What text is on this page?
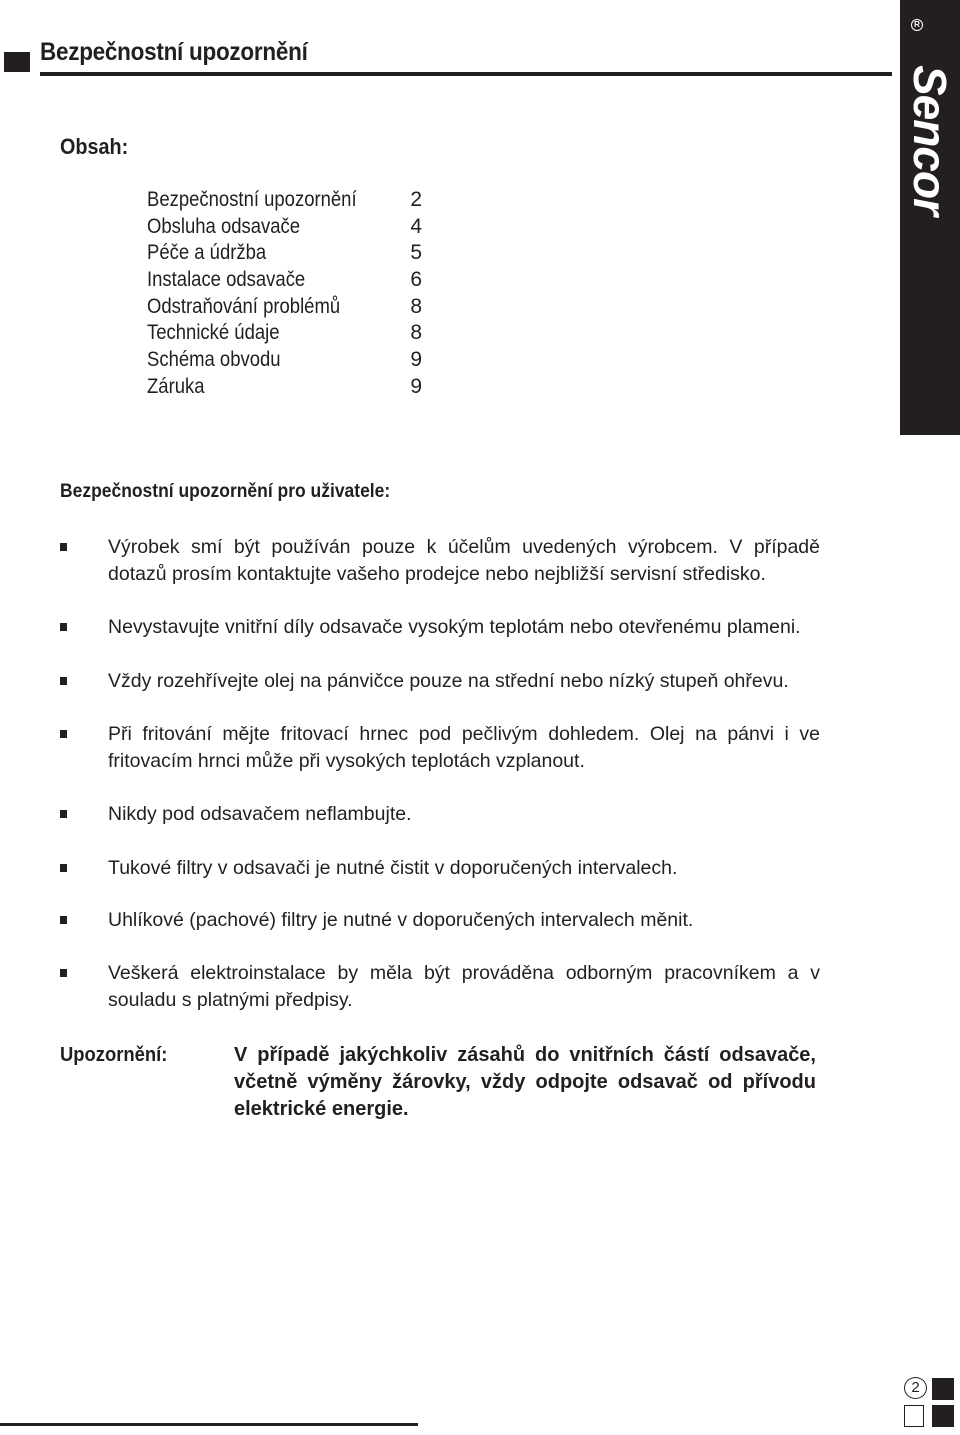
Bezpečnostní upozornění
Sencor
R
Obsah:
Bezpečnostní upozornění	2
Obsluha odsavače	4
Péče a údržba	5
Instalace odsavače	6
Odstraňování problémů	8
Technické údaje	8
Schéma obvodu	9
Záruka	9
Bezpečnostní upozornění pro uživatele:
Výrobek smí být používán pouze k účelům uvedených výrobcem. V případě dotazů prosím kontaktujte vašeho prodejce nebo nejbližší servisní středisko.
Nevystavujte vnitřní díly odsavače vysokým teplotám nebo otevřenému plameni.
Vždy rozehřívejte olej na pánvičce pouze na střední nebo nízký stupeň ohřevu.
Při fritování mějte fritovací hrnec pod pečlivým dohledem. Olej na pánvi i ve fritovacím hrnci může při vysokých teplotách vzplanout.
Nikdy pod odsavačem neflambujte.
Tukové filtry v odsavači je nutné čistit v doporučených intervalech.
Uhlíkové (pachové) filtry je nutné v doporučených intervalech měnit.
Veškerá elektroinstalace by měla být prováděna odborným pracovníkem a v souladu s platnými předpisy.
Upozornění:	V případě jakýchkoliv zásahů do vnitřních částí odsavače, včetně výměny žárovky, vždy odpojte odsavač od přívodu elektrické energie.
2
